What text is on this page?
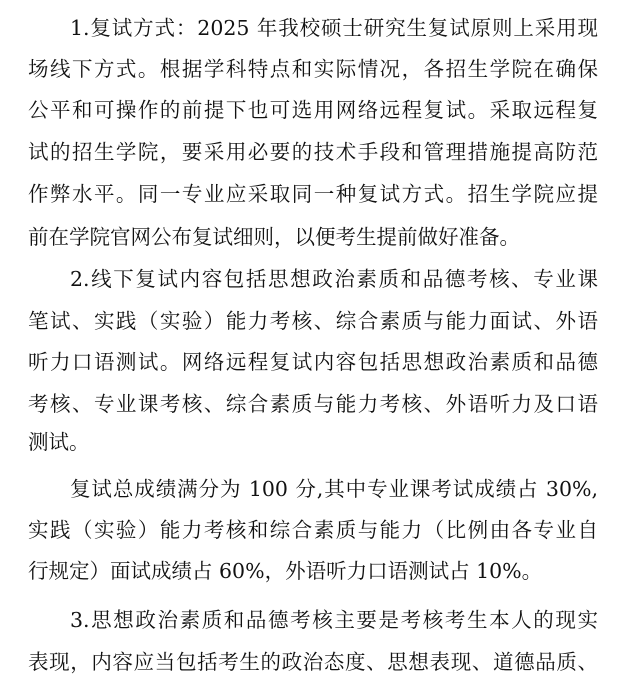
1.复试方式：2025 年我校硕士研究生复试原则上采用现
场线下方式。根据学科特点和实际情况，各招生学院在确保
公平和可操作的前提下也可选用网络远程复试。采取远程复
试的招生学院，要采用必要的技术手段和管理措施提高防范
作弊水平。同一专业应采取同一种复试方式。招生学院应提
前在学院官网公布复试细则，以便考生提前做好准备。
2.线下复试内容包括思想政治素质和品德考核、专业课
笔试、实践（实验）能力考核、综合素质与能力面试、外语
听力口语测试。网络远程复试内容包括思想政治素质和品德
考核、专业课考核、综合素质与能力考核、外语听力及口语
测试。
复试总成绩满分为 100 分,其中专业课考试成绩占 30%,
实践（实验）能力考核和综合素质与能力（比例由各专业自
行规定）面试成绩占 60%，外语听力口语测试占 10%。
3.思想政治素质和品德考核主要是考核考生本人的现实
表现，内容应当包括考生的政治态度、思想表现、道德品质、
